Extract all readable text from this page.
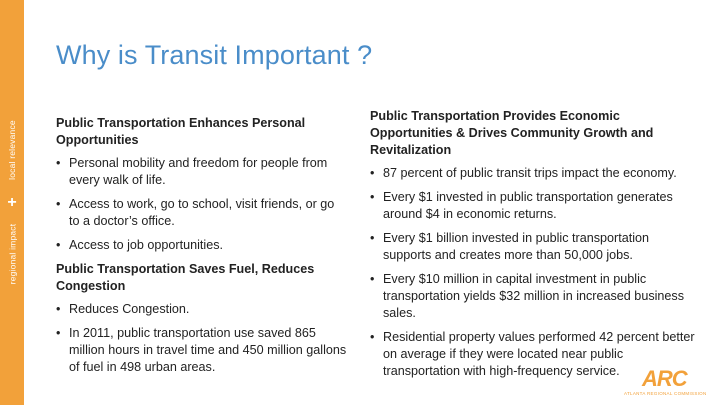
local relevance
+
regional impact
Why is Transit Important ?
Public Transportation Enhances Personal Opportunities
• Personal mobility and freedom for people from every walk of life.
• Access to work, go to school, visit friends, or go to a doctor’s office.
• Access to job opportunities.
Public Transportation Saves Fuel, Reduces Congestion
• Reduces Congestion.
• In 2011, public transportation use saved 865 million hours in travel time and 450 million gallons of fuel in 498 urban areas.
Public Transportation Provides Economic Opportunities & Drives Community Growth and Revitalization
• 87 percent of public transit trips impact the economy.
• Every $1 invested in public transportation generates around $4 in economic returns.
• Every $1 billion invested in public transportation supports and creates more than 50,000 jobs.
• Every $10 million in capital investment in public transportation yields $32 million in increased business sales.
• Residential property values performed 42 percent better on average if they were located near public transportation with high-frequency service.	ARC
ATLANTA REGIONAL COMMISSION
